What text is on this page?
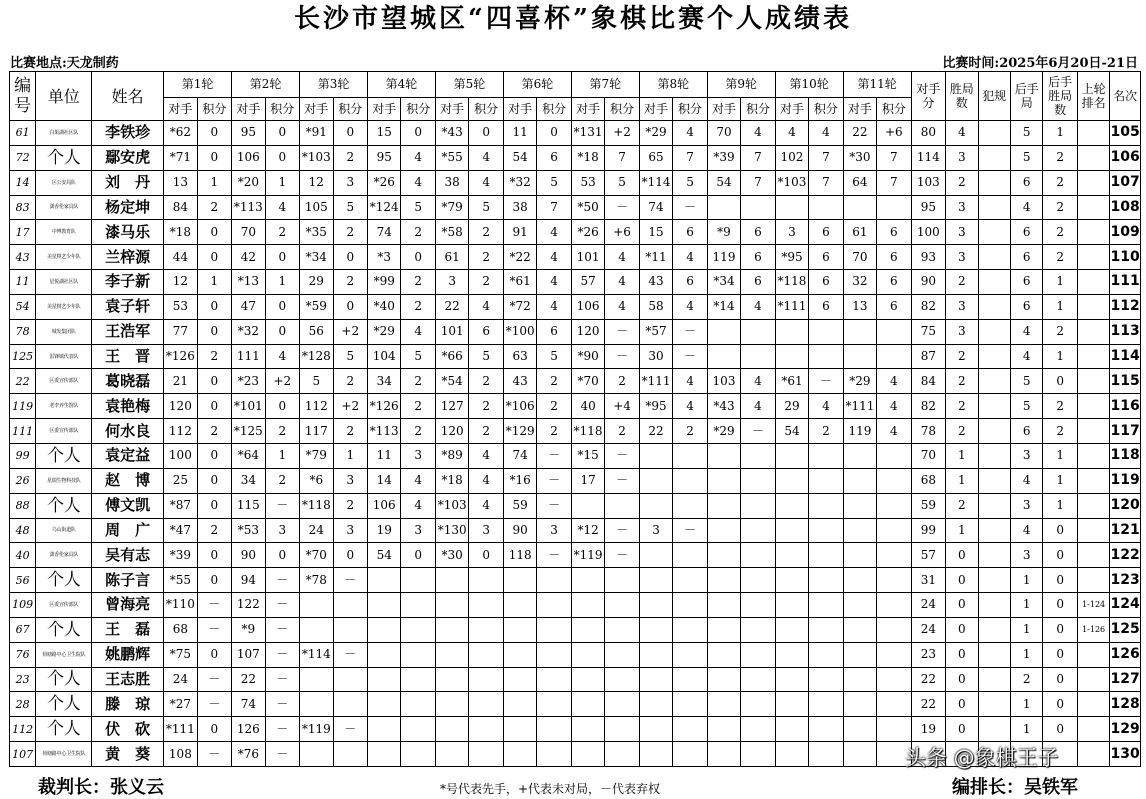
长沙市望城区“四喜杯”象棋比赛个人成绩表
比赛地点:天龙制药	比赛时间:2025年6月20日-21日
编号	单位	姓名	第1轮		第2轮		第3轮		第4轮		第5轮		第6轮		第7轮		第8轮		第9轮		第10轮		第11轮		对手分	胜局数	犯规	后手局	后手胜局数	上轮排名	名次
			对手	积分	对手	积分	对手	积分	对手	积分	对手	积分	对手	积分	对手	积分	对手	积分	对手	积分	对手	积分	对手	积分							
61	白果湖社区队	李铁珍	*62	0	95	0	*91	0	15	0	*43	0	11	0	*131	+2	*29	4	70	4	4	4	22	+6	80	4		5	1		105
72	个人	鄢安虎	*71	0	106	0	*103	2	95	4	*55	4	54	6	*18	7	65	7	*39	7	102	7	*30	7	114	3		5	2		106
14	区公安局队	刘　丹	13	1	*20	1	12	3	*26	4	38	4	*32	5	53	5	*114	5	54	7	*103	7	64	7	103	2		6	2		107
83	潇香伦家具队	杨定坤	84	2	*113	4	105	5	*124	5	*79	5	38	7	*50	－	74	－							95	3		4	2		108
17	中博教育队	漆马乐	*18	0	70	2	*35	2	74	2	*58	2	91	4	*26	+6	15	6	*9	6	3	6	61	6	100	3		6	2		109
43	美星棋艺少年队	兰梓源	44	0	42	0	*34	0	*3	0	61	2	*22	4	101	4	*11	4	119	6	*95	6	70	6	93	3		6	2		110
11	星悦湖社区队	李子新	12	1	*13	1	29	2	*99	2	3	2	*61	4	57	4	43	6	*34	6	*118	6	32	6	90	2		6	1		111
54	美星棋艺少年队	袁子轩	53	0	47	0	*59	0	*40	2	22	4	*72	4	106	4	58	4	*14	4	*111	6	13	6	82	3		6	1		112
78	城发集团队	王浩军	77	0	*32	0	56	+2	*29	4	101	6	*100	6	120	－	*57	－							75	3		4	2		113
125	雷锋镇代表队	王　晋	*126	2	111	4	*128	5	104	5	*66	5	63	5	*90	－	30	－							87	2		4	1		114
22	区委宣传部队	葛晓磊	21	0	*23	+2	5	2	34	2	*54	2	43	2	*70	2	*111	4	103	4	*61	－	*29	4	84	2		5	0		115
119	老李养生馆队	袁艳梅	120	0	*101	0	112	+2	*126	2	127	2	*106	2	40	+4	*95	4	*43	4	29	4	*111	4	82	2		5	2		116
111	区委宣传部队	何水良	112	2	*125	2	117	2	*113	2	120	2	*129	2	*118	2	22	2	*29	－	54	2	119	4	78	2		6	2		117
99	个人	袁定益	100	0	*64	1	*79	1	11	3	*89	4	74	－	*15	－									70	1		3	1		118
26	星瑞生物科技队	赵　博	25	0	34	2	*6	3	14	4	*18	4	*16	－	17	－									68	1		4	1		119
88	个人	傅文凯	*87	0	115	－	*118	2	106	4	*103	4	59	－											59	2		3	1		120
48	乌山街道队	周　广	*47	2	*53	3	24	3	19	3	*130	3	90	3	*12	－	3	－							99	1		4	0		121
40	潇香伦家具队	吴有志	*39	0	90	0	*70	0	54	0	*30	0	118	－	*119	－									57	0		3	0		122
56	个人	陈子言	*55	0	94	－	*78	－																	31	0		1	0		123
109	区委宣传部队	曾海亮	*110	－	122	－																			24	0		1	0	1-124	124
67	个人	王　磊	68	－	*9	－																			24	0		1	0	1-126	125
76	荷塘路中心卫生院队	姚鹏辉	*75	0	107	－	*114	－																	23	0		1	0		126
23	个人	王志胜	24	－	22	－																			22	0		2	0		127
28	个人	滕　琼	*27	－	74	－																			22	0		1	0		128
112	个人	伏　砍	*111	0	126	－	*119	－																	19	0		1	0		129
107	荷塘路中心卫生院队	黄　葵	108	－	*76	－																									130
裁判长：张义云	*号代表先手，+代表未对局，－代表弃权	编排长：吴铁军
头条 @象棋王子
